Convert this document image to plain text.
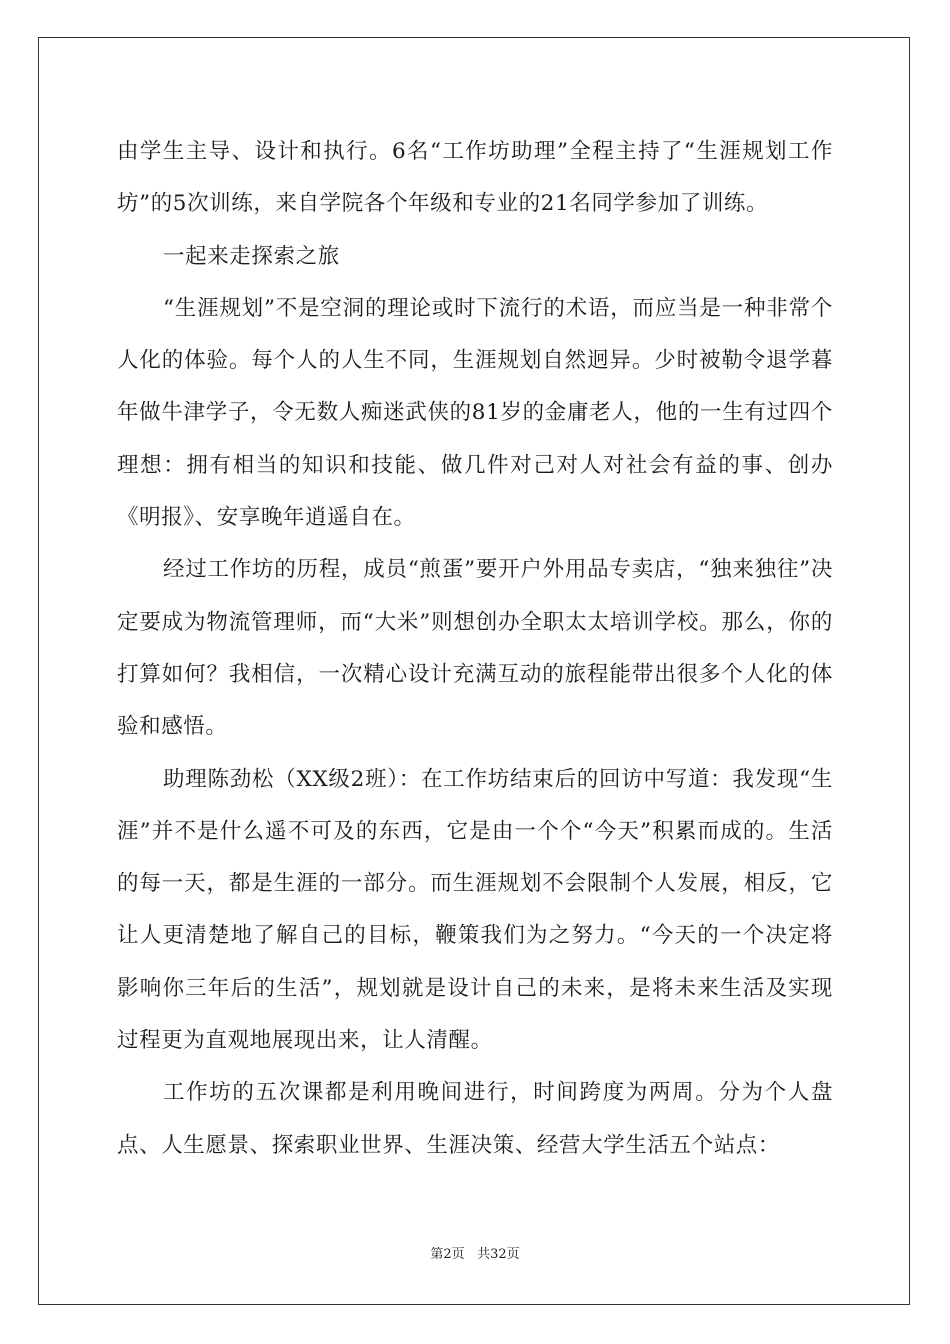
由学生主导、设计和执行。6名“工作坊助理”全程主持了“生涯规划工作坊”的5次训练，来自学院各个年级和专业的21名同学参加了训练。

一起来走探索之旅

“生涯规划”不是空洞的理论或时下流行的术语，而应当是一种非常个人化的体验。每个人的人生不同，生涯规划自然迥异。少时被勒令退学暮年做牛津学子，令无数人痴迷武侠的81岁的金庸老人，他的一生有过四个理想：拥有相当的知识和技能、做几件对己对人对社会有益的事、创办《明报》、安享晚年逍遥自在。

经过工作坊的历程，成员“煎蛋”要开户外用品专卖店，“独来独往”决定要成为物流管理师，而“大米”则想创办全职太太培训学校。那么，你的打算如何？我相信，一次精心设计充满互动的旅程能带出很多个人化的体验和感悟。

助理陈劲松（XX级2班）：在工作坊结束后的回访中写道：我发现“生涯”并不是什么遥不可及的东西，它是由一个个“今天”积累而成的。生活的每一天，都是生涯的一部分。而生涯规划不会限制个人发展，相反，它让人更清楚地了解自己的目标，鞭策我们为之努力。“今天的一个决定将影响你三年后的生活”，规划就是设计自己的未来，是将未来生活及实现过程更为直观地展现出来，让人清醒。

工作坊的五次课都是利用晚间进行，时间跨度为两周。分为个人盘点、人生愿景、探索职业世界、生涯决策、经营大学生活五个站点：

第2页 共32页
